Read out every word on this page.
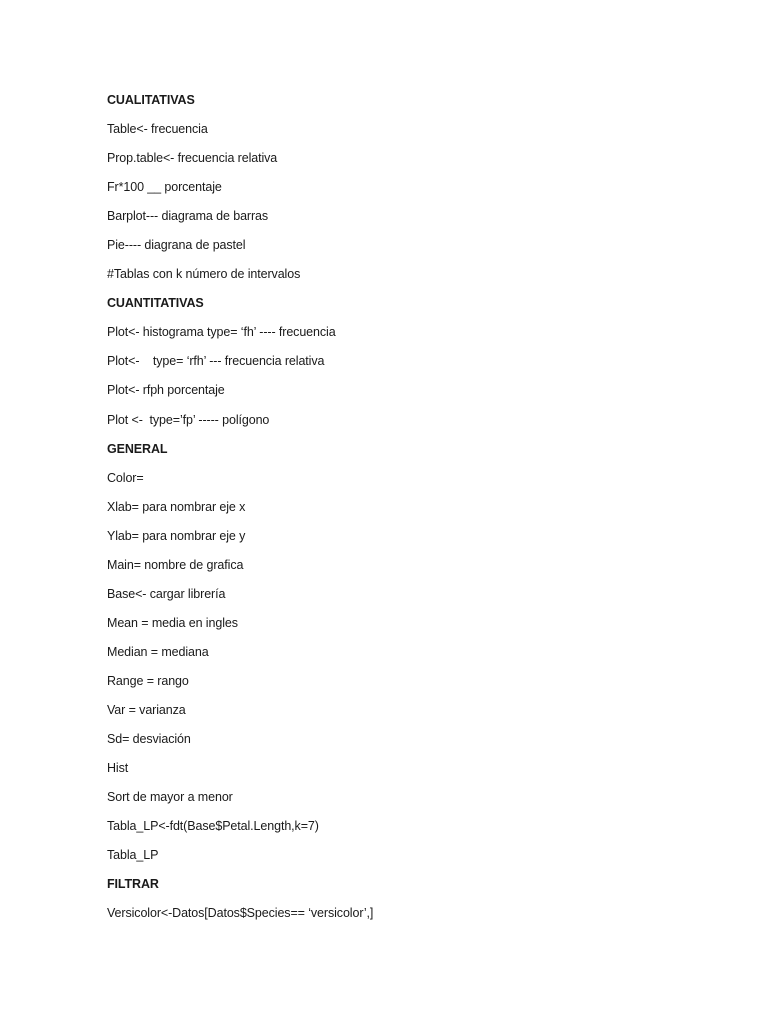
CUALITATIVAS
Table<- frecuencia
Prop.table<- frecuencia relativa
Fr*100 __ porcentaje
Barplot--- diagrama de barras
Pie---- diagrana de pastel
#Tablas con k número de intervalos
CUANTITATIVAS
Plot<- histograma type= ‘fh’ ---- frecuencia
Plot<-    type= ‘rfh’ --- frecuencia relativa
Plot<- rfph porcentaje
Plot <-  type=’fp’ ----- polígono
GENERAL
Color=
Xlab= para nombrar eje x
Ylab= para nombrar eje y
Main= nombre de grafica
Base<- cargar librería
Mean = media en ingles
Median = mediana
Range = rango
Var = varianza
Sd= desviación
Hist
Sort de mayor a menor
Tabla_LP<-fdt(Base$Petal.Length,k=7)
Tabla_LP
FILTRAR
Versicolor<-Datos[Datos$Species== ‘versicolor’,]
